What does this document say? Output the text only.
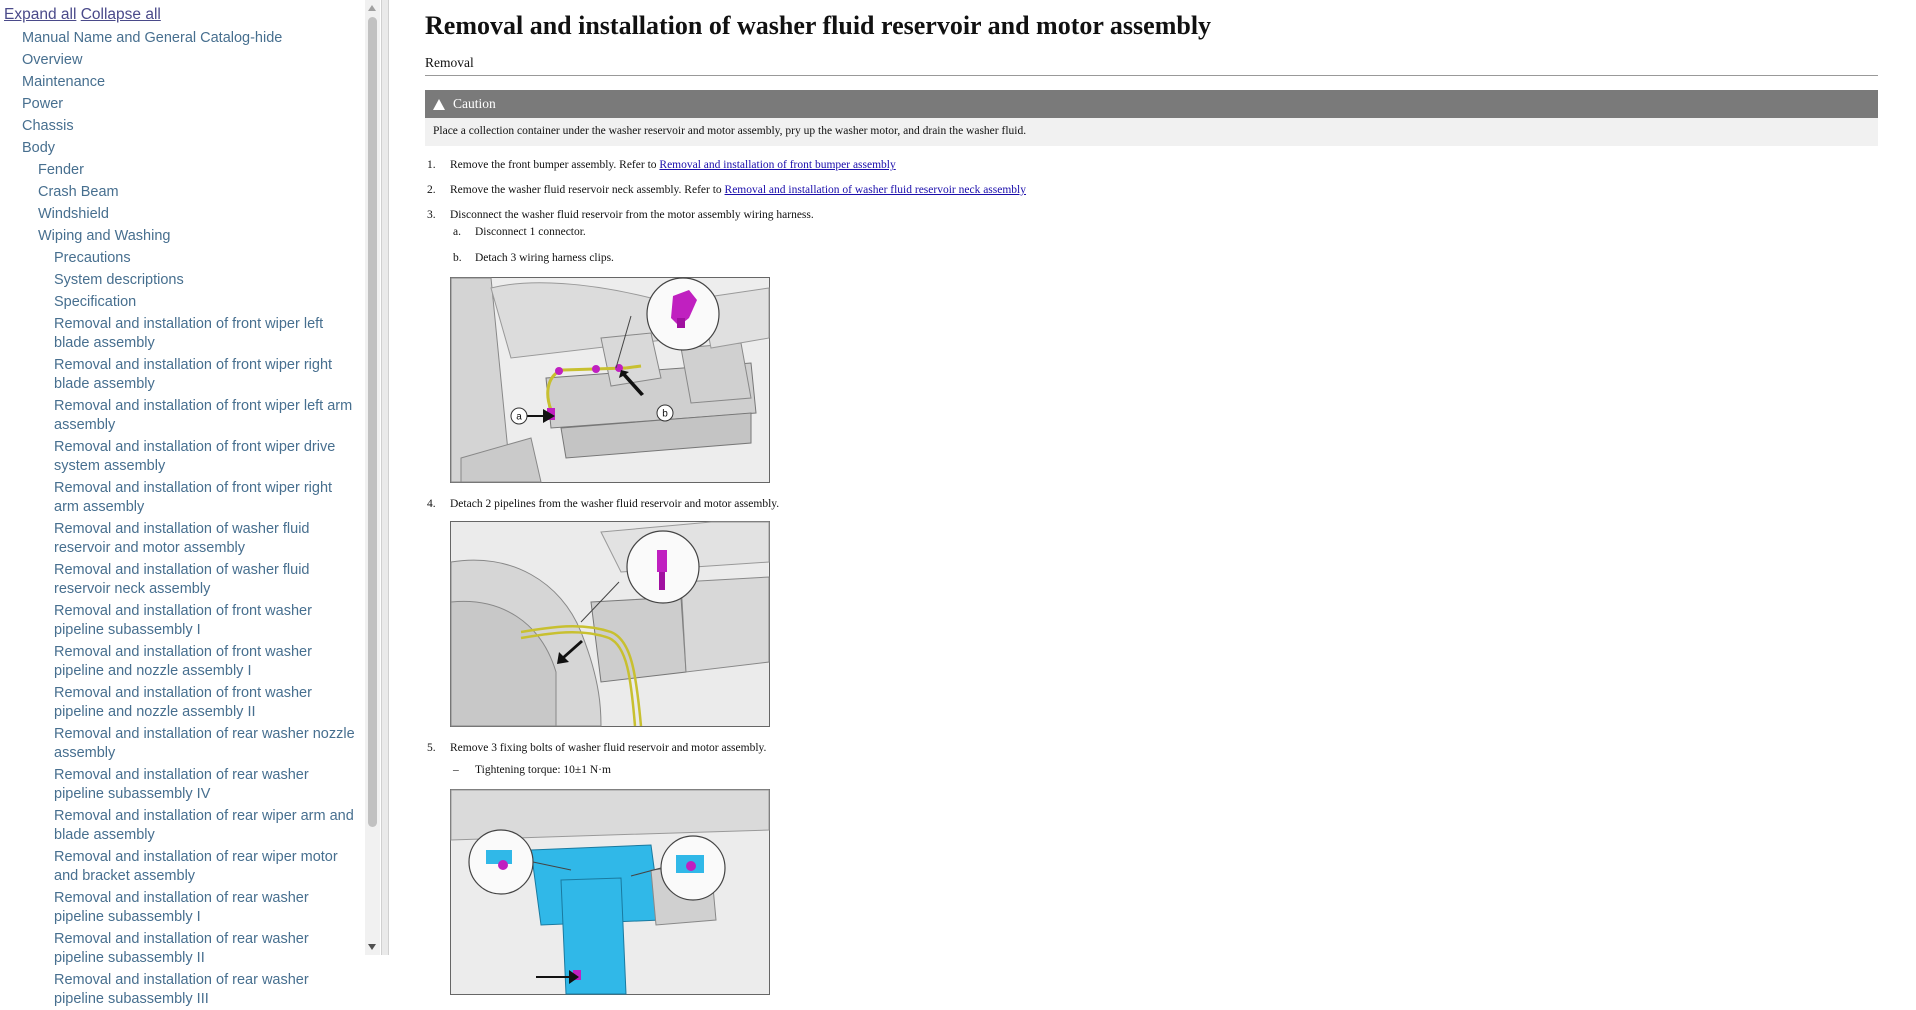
Expand all Collapse all
Manual Name and General Catalog-hide
Overview
Maintenance
Power
Chassis
Body
Fender
Crash Beam
Windshield
Wiping and Washing
Precautions
System descriptions
Specification
Removal and installation of front wiper left blade assembly
Removal and installation of front wiper right blade assembly
Removal and installation of front wiper left arm assembly
Removal and installation of front wiper drive system assembly
Removal and installation of front wiper right arm assembly
Removal and installation of washer fluid reservoir and motor assembly
Removal and installation of washer fluid reservoir neck assembly
Removal and installation of front washer pipeline subassembly I
Removal and installation of front washer pipeline and nozzle assembly I
Removal and installation of front washer pipeline and nozzle assembly II
Removal and installation of rear washer nozzle assembly
Removal and installation of rear washer pipeline subassembly IV
Removal and installation of rear wiper arm and blade assembly
Removal and installation of rear wiper motor and bracket assembly
Removal and installation of rear washer pipeline subassembly I
Removal and installation of rear washer pipeline subassembly II
Removal and installation of rear washer pipeline subassembly III
Removal and installation of washer fluid reservoir and motor assembly
Removal
!
Caution
Place a collection container under the washer reservoir and motor assembly, pry up the washer motor, and drain the washer fluid.
1. Remove the front bumper assembly. Refer to Removal and installation of front bumper assembly
2. Remove the washer fluid reservoir neck assembly. Refer to Removal and installation of washer fluid reservoir neck assembly
3. Disconnect the washer fluid reservoir from the motor assembly wiring harness.
a. Disconnect 1 connector.
b. Detach 3 wiring harness clips.
a	b
4. Detach 2 pipelines from the washer fluid reservoir and motor assembly.
5. Remove 3 fixing bolts of washer fluid reservoir and motor assembly.
– Tightening torque: 10±1 N·m
